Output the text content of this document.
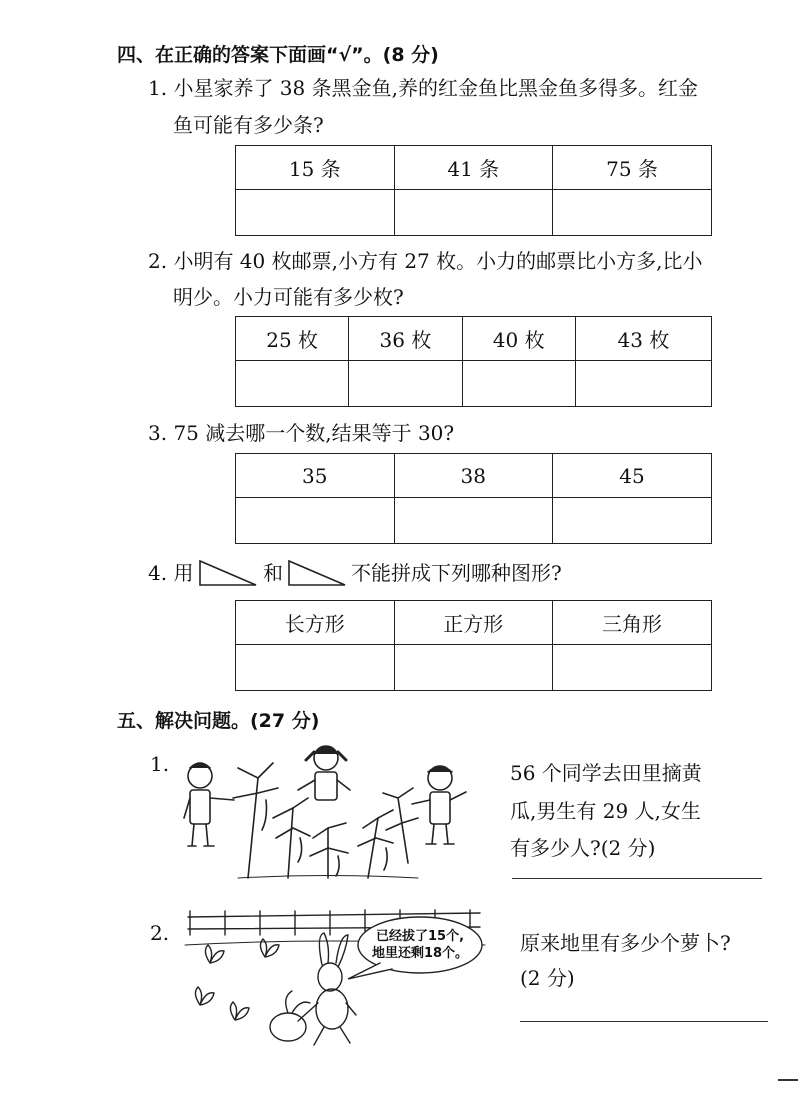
四、在正确的答案下面画“√”。(8 分)
1. 小星家养了 38 条黑金鱼,养的红金鱼比黑金鱼多得多。红金
鱼可能有多少条?
15 条	41 条	75 条

2. 小明有 40 枚邮票,小方有 27 枚。小力的邮票比小方多,比小
明少。小力可能有多少枚?
25 枚	36 枚	40 枚	43 枚

3. 75 减去哪一个数,结果等于 30?
35	38	45

4. 用	和	不能拼成下列哪种图形?
长方形	正方形	三角形

五、解决问题。(27 分)
1.	56 个同学去田里摘黄
瓜,男生有 29 人,女生
有多少人?(2 分)
2.	已经拔了15个,
地里还剩18个。	原来地里有多少个萝卜?
(2 分)
